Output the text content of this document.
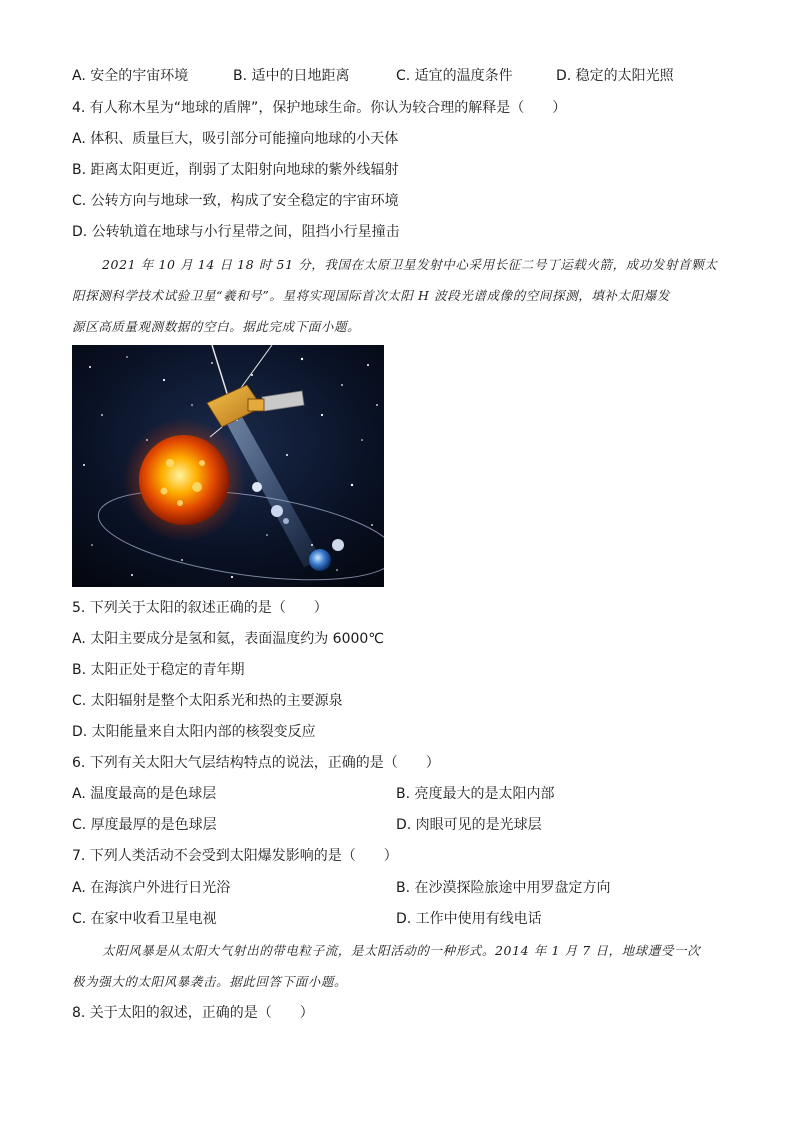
A. 安全的宇宙环境	B. 适中的日地距离	C. 适宜的温度条件	D. 稳定的太阳光照
4. 有人称木星为“地球的盾牌”，保护地球生命。你认为较合理的解释是（　　）
A. 体积、质量巨大，吸引部分可能撞向地球的小天体
B. 距离太阳更近，削弱了太阳射向地球的紫外线辐射
C. 公转方向与地球一致，构成了安全稳定的宇宙环境
D. 公转轨道在地球与小行星带之间，阻挡小行星撞击
2021 年 10 月 14 日 18 时 51 分，我国在太原卫星发射中心采用长征二号丁运载火箭，成功发射首颗太
阳探测科学技术试验卫星“羲和号”。星将实现国际首次太阳 H 波段光谱成像的空间探测，填补太阳爆发
源区高质量观测数据的空白。据此完成下面小题。
5. 下列关于太阳的叙述正确的是（　　）
A. 太阳主要成分是氢和氦，表面温度约为 6000℃
B. 太阳正处于稳定的青年期
C. 太阳辐射是整个太阳系光和热的主要源泉
D. 太阳能量来自太阳内部的核裂变反应
6. 下列有关太阳大气层结构特点的说法，正确的是（　　）
A. 温度最高的是色球层	B. 亮度最大的是太阳内部
C. 厚度最厚的是色球层	D. 肉眼可见的是光球层
7. 下列人类活动不会受到太阳爆发影响的是（　　）
A. 在海滨户外进行日光浴	B. 在沙漠探险旅途中用罗盘定方向
C. 在家中收看卫星电视	D. 工作中使用有线电话
太阳风暴是从太阳大气射出的带电粒子流，是太阳活动的一种形式。2014 年 1 月 7 日，地球遭受一次
极为强大的太阳风暴袭击。据此回答下面小题。
8. 关于太阳的叙述，正确的是（　　）
